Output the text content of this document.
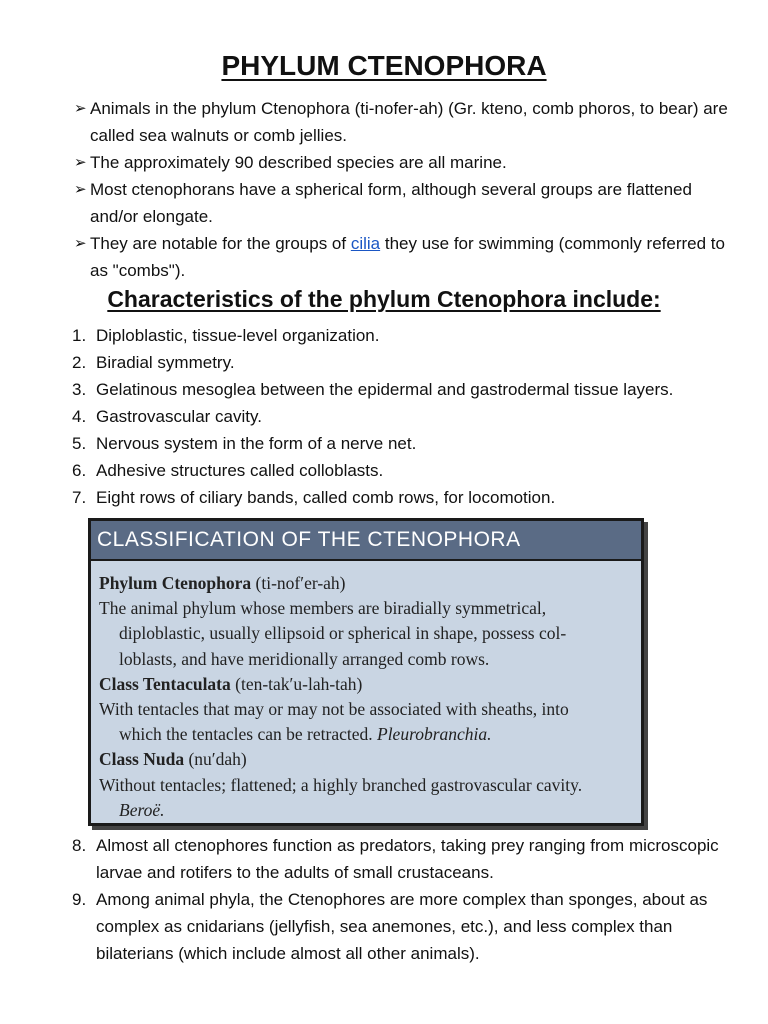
PHYLUM CTENOPHORA
➢ Animals in the phylum Ctenophora (ti-nofer-ah) (Gr. kteno, comb phoros, to bear) are called sea walnuts or comb jellies.
➢ The approximately 90 described species are all marine.
➢ Most ctenophorans have a spherical form, although several groups are flattened and/or elongate.
➢ They are notable for the groups of cilia they use for swimming (commonly referred to as "combs").
Characteristics of the phylum Ctenophora include:
1. Diploblastic, tissue-level organization.
2. Biradial symmetry.
3. Gelatinous mesoglea between the epidermal and gastrodermal tissue layers.
4. Gastrovascular cavity.
5. Nervous system in the form of a nerve net.
6. Adhesive structures called colloblasts.
7. Eight rows of ciliary bands, called comb rows, for locomotion.
CLASSIFICATION OF THE CTENOPHORA
Phylum Ctenophora (ti-nof′er-ah)
The animal phylum whose members are biradially symmetrical,
diploblastic, usually ellipsoid or spherical in shape, possess col-
loblasts, and have meridionally arranged comb rows.
Class Tentaculata (ten-tak′u-lah-tah)
With tentacles that may or may not be associated with sheaths, into
which the tentacles can be retracted. Pleurobranchia.
Class Nuda (nu′dah)
Without tentacles; flattened; a highly branched gastrovascular cavity.
Beroë.
8. Almost all ctenophores function as predators, taking prey ranging from microscopic larvae and rotifers to the adults of small crustaceans.
9. Among animal phyla, the Ctenophores are more complex than sponges, about as complex as cnidarians (jellyfish, sea anemones, etc.), and less complex than bilaterians (which include almost all other animals).
